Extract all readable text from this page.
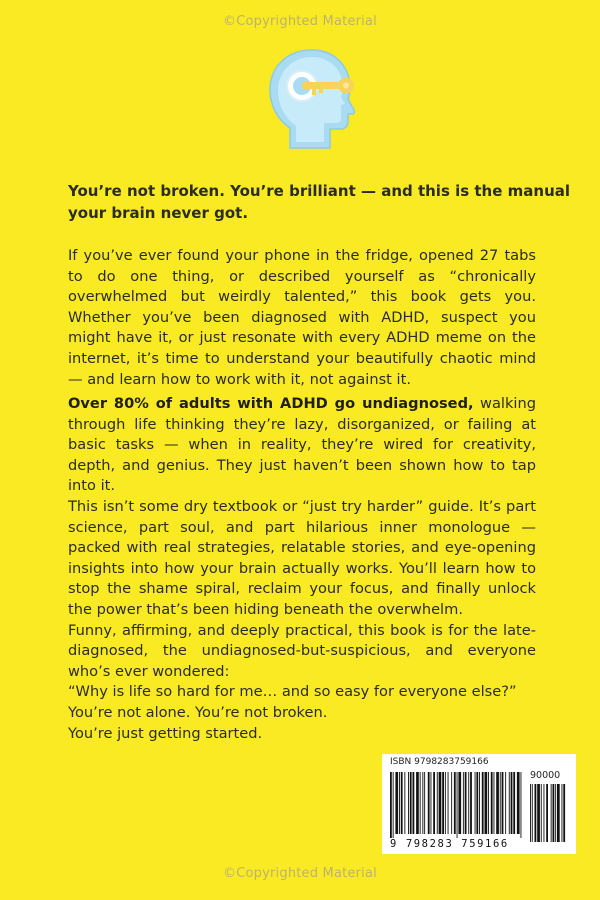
©Copyrighted Material
You’re not broken. You’re brilliant — and this is the manual
your brain never got.
If you’ve ever found your phone in the fridge, opened 27 tabs
to do one thing, or described yourself as “chronically
overwhelmed but weirdly talented,” this book gets you.
Whether you’ve been diagnosed with ADHD, suspect you
might have it, or just resonate with every ADHD meme on the
internet, it’s time to understand your beautifully chaotic mind
— and learn how to work with it, not against it.
Over 80% of adults with ADHD go undiagnosed, walking
through life thinking they’re lazy, disorganized, or failing at
basic tasks — when in reality, they’re wired for creativity,
depth, and genius. They just haven’t been shown how to tap
into it.
This isn’t some dry textbook or “just try harder” guide. It’s part
science, part soul, and part hilarious inner monologue —
packed with real strategies, relatable stories, and eye-opening
insights into how your brain actually works. You’ll learn how to
stop the shame spiral, reclaim your focus, and finally unlock
the power that’s been hiding beneath the overwhelm.
Funny, affirming, and deeply practical, this book is for the late-
diagnosed, the undiagnosed-but-suspicious, and everyone
who’s ever wondered:
“Why is life so hard for me… and so easy for everyone else?”
You’re not alone. You’re not broken.
You’re just getting started.
ISBN 9798283759166
90000
9 798283 759166
©Copyrighted Material
